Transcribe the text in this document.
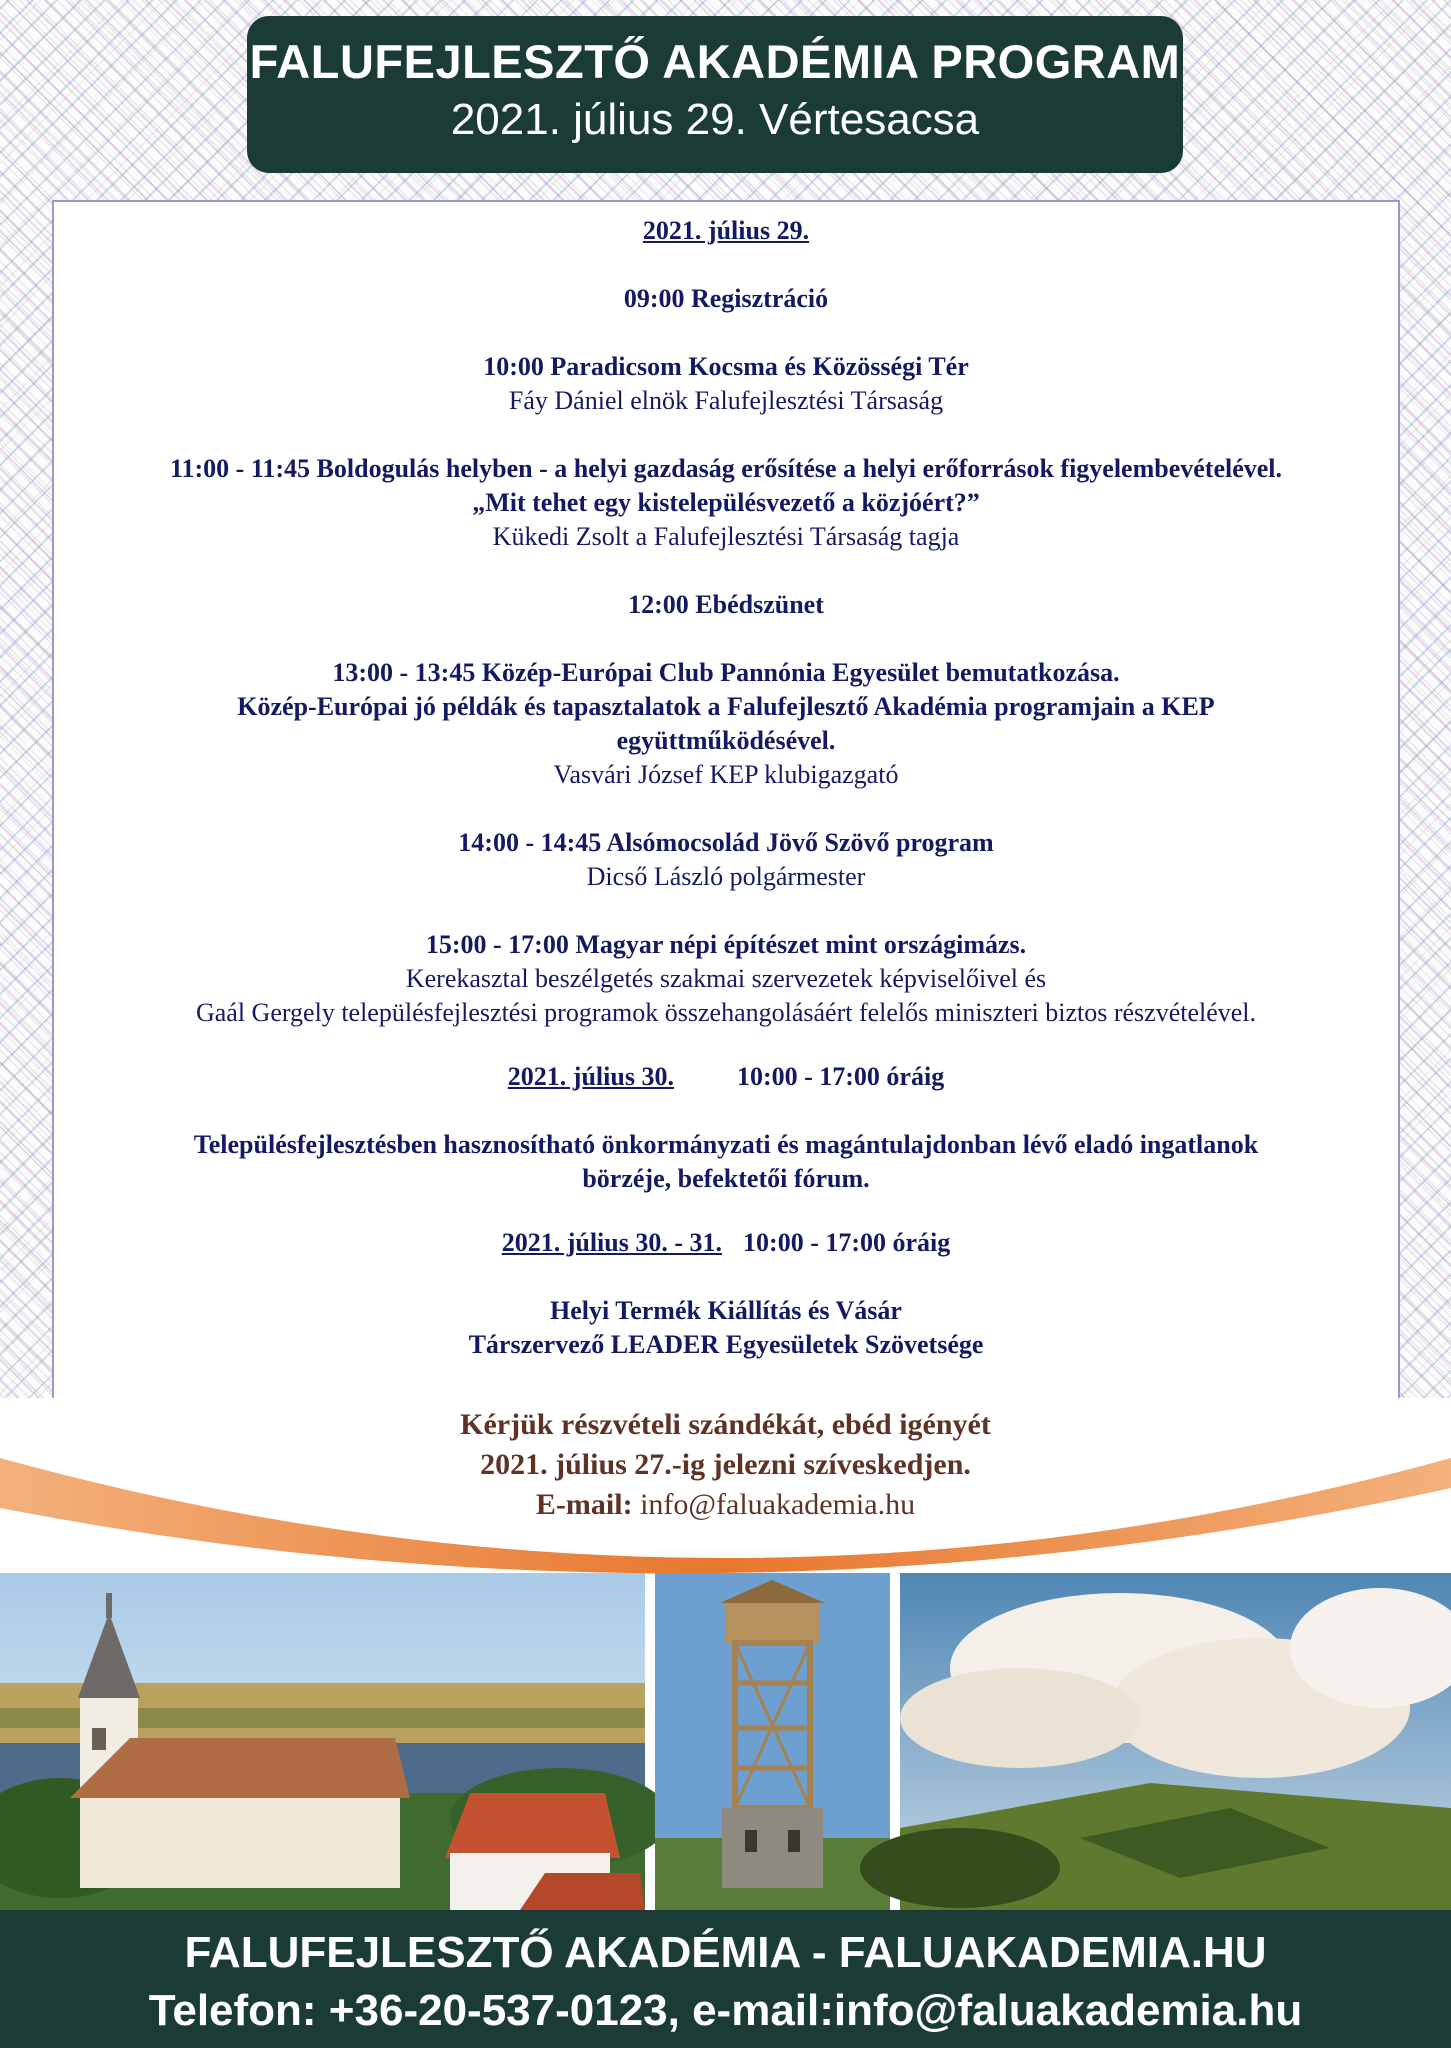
FALUFEJLESZTŐ AKADÉMIA PROGRAM
2021. július 29. Vértesacsa
2021. július 29.
09:00 Regisztráció
10:00 Paradicsom Kocsma és Közösségi Tér
Fáy Dániel elnök Falufejlesztési Társaság
11:00 - 11:45 Boldogulás helyben - a helyi gazdaság erősítése a helyi erőforrások figyelembevételével.
„Mit tehet egy kistelepülésvezető a közjóért?”
Kükedi Zsolt a Falufejlesztési Társaság tagja
12:00 Ebédszünet
13:00 - 13:45 Közép-Európai Club Pannónia Egyesület bemutatkozása.
Közép-Európai jó példák és tapasztalatok a Falufejlesztő Akadémia programjain a KEP
együttműködésével.
Vasvári József KEP klubigazgató
14:00 - 14:45 Alsómocsolád Jövő Szövő program
Dicső László polgármester
15:00 - 17:00 Magyar népi építészet mint országimázs.
Kerekasztal beszélgetés szakmai szervezetek képviselőivel és
Gaál Gergely településfejlesztési programok összehangolásáért felelős miniszteri biztos részvételével.
2021. július 30. 10:00 - 17:00 óráig
Településfejlesztésben hasznosítható önkormányzati és magántulajdonban lévő eladó ingatlanok
börzéje, befektetői fórum.
2021. július 30. - 31. 10:00 - 17:00 óráig
Helyi Termék Kiállítás és Vásár
Társzervező LEADER Egyesületek Szövetsége
Kérjük részvételi szándékát, ebéd igényét
2021. július 27.-ig jelezni szíveskedjen.
E-mail: info@faluakademia.hu
FALUFEJLESZTŐ AKADÉMIA - FALUAKADEMIA.HU
Telefon: +36-20-537-0123, e-mail:info@faluakademia.hu
